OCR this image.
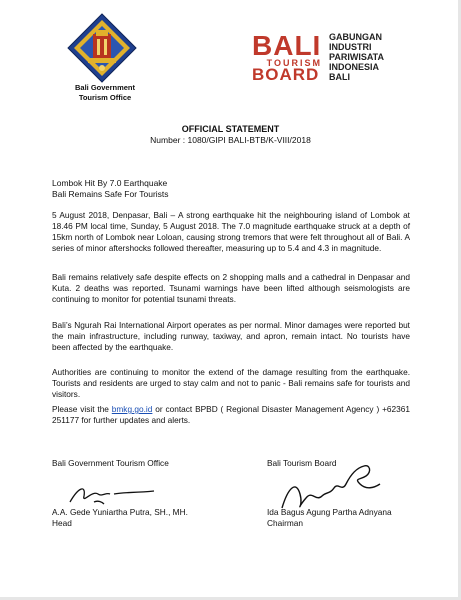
Bali Government
Tourism Office
BALI
TOURISM
BOARD
GABUNGAN
INDUSTRI
PARIWISATA
INDONESIA
BALI
OFFICIAL STATEMENT
Number : 1080/GIPI BALI-BTB/K-VIII/2018
Lombok Hit By 7.0 Earthquake
Bali Remains Safe For Tourists

5 August 2018, Denpasar, Bali – A strong earthquake hit the neighbouring island of Lombok at 18.46 PM local time, Sunday, 5 August 2018. The 7.0 magnitude earthquake struck at a depth of 15km north of Lombok near Loloan, causing strong tremors that were felt throughout all of Bali. A series of minor aftershocks followed thereafter, measuring up to 5.4 and 4.3 in magnitude.

Bali remains relatively safe despite effects on 2 shopping malls and a cathedral in Denpasar and Kuta. 2 deaths was reported. Tsunami warnings have been lifted although seismologists are continuing to monitor for potential tsunami threats.

Bali’s Ngurah Rai International Airport operates as per normal. Minor damages were reported but the main infrastructure, including runway, taxiway, and apron, remain intact. No tourists have been affected by the earthquake.

Authorities are continuing to monitor the extend of the damage resulting from the earthquake. Tourists and residents are urged to stay calm and not to panic - Bali remains safe for tourists and visitors.

Please visit the bmkg.go.id or contact BPBD ( Regional Disaster Management Agency ) +62361 251177 for further updates and alerts.

Bali Government Tourism Office	Bali Tourism Board
A.A. Gede Yuniartha Putra, SH., MH.
Head
Ida Bagus Agung Partha Adnyana
Chairman
